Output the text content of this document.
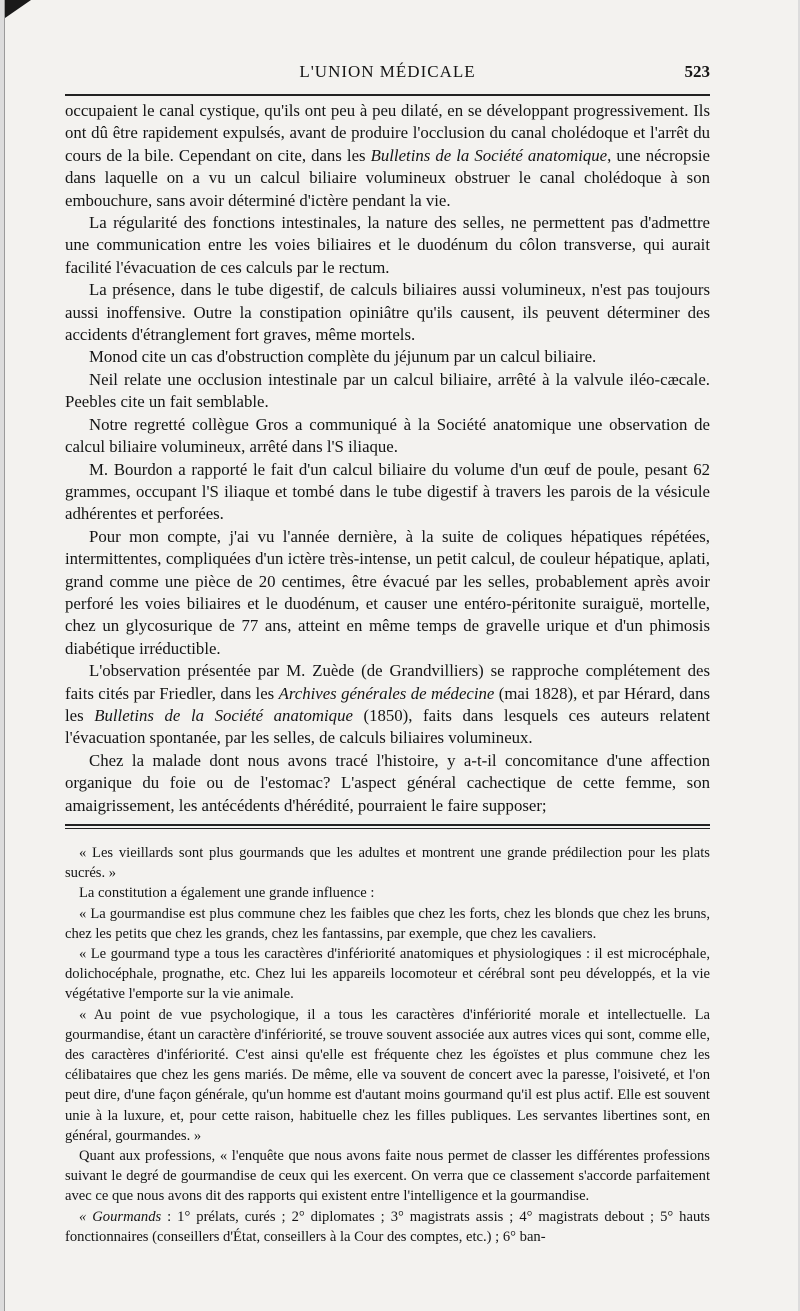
L'UNION MÉDICALE	523

occupaient le canal cystique, qu'ils ont peu à peu dilaté, en se développant progressivement. Ils ont dû être rapidement expulsés, avant de produire l'occlusion du canal cholédoque et l'arrêt du cours de la bile. Cependant on cite, dans les Bulletins de la Société anatomique, une nécropsie dans laquelle on a vu un calcul biliaire volumineux obstruer le canal cholédoque à son embouchure, sans avoir déterminé d'ictère pendant la vie.

La régularité des fonctions intestinales, la nature des selles, ne permettent pas d'admettre une communication entre les voies biliaires et le duodénum du côlon transverse, qui aurait facilité l'évacuation de ces calculs par le rectum.

La présence, dans le tube digestif, de calculs biliaires aussi volumineux, n'est pas toujours aussi inoffensive. Outre la constipation opiniâtre qu'ils causent, ils peuvent déterminer des accidents d'étranglement fort graves, même mortels.

Monod cite un cas d'obstruction complète du jéjunum par un calcul biliaire.

Neil relate une occlusion intestinale par un calcul biliaire, arrêté à la valvule iléo-cæcale. Peebles cite un fait semblable.

Notre regretté collègue Gros a communiqué à la Société anatomique une observation de calcul biliaire volumineux, arrêté dans l'S iliaque.

M. Bourdon a rapporté le fait d'un calcul biliaire du volume d'un œuf de poule, pesant 62 grammes, occupant l'S iliaque et tombé dans le tube digestif à travers les parois de la vésicule adhérentes et perforées.

Pour mon compte, j'ai vu l'année dernière, à la suite de coliques hépatiques répétées, intermittentes, compliquées d'un ictère très-intense, un petit calcul, de couleur hépatique, aplati, grand comme une pièce de 20 centimes, être évacué par les selles, probablement après avoir perforé les voies biliaires et le duodénum, et causer une entéro-péritonite suraiguë, mortelle, chez un glycosurique de 77 ans, atteint en même temps de gravelle urique et d'un phimosis diabétique irréductible.

L'observation présentée par M. Zuède (de Grandvilliers) se rapproche complétement des faits cités par Friedler, dans les Archives générales de médecine (mai 1828), et par Hérard, dans les Bulletins de la Société anatomique (1850), faits dans lesquels ces auteurs relatent l'évacuation spontanée, par les selles, de calculs biliaires volumineux.

Chez la malade dont nous avons tracé l'histoire, y a-t-il concomitance d'une affection organique du foie ou de l'estomac? L'aspect général cachectique de cette femme, son amaigrissement, les antécédents d'hérédité, pourraient le faire supposer;

« Les vieillards sont plus gourmands que les adultes et montrent une grande prédilection pour les plats sucrés. »

La constitution a également une grande influence :

« La gourmandise est plus commune chez les faibles que chez les forts, chez les blonds que chez les bruns, chez les petits que chez les grands, chez les fantassins, par exemple, que chez les cavaliers.

« Le gourmand type a tous les caractères d'infériorité anatomiques et physiologiques : il est microcéphale, dolichocéphale, prognathe, etc. Chez lui les appareils locomoteur et cérébral sont peu développés, et la vie végétative l'emporte sur la vie animale.

« Au point de vue psychologique, il a tous les caractères d'infériorité morale et intellectuelle. La gourmandise, étant un caractère d'infériorité, se trouve souvent associée aux autres vices qui sont, comme elle, des caractères d'infériorité. C'est ainsi qu'elle est fréquente chez les égoïstes et plus commune chez les célibataires que chez les gens mariés. De même, elle va souvent de concert avec la paresse, l'oisiveté, et l'on peut dire, d'une façon générale, qu'un homme est d'autant moins gourmand qu'il est plus actif. Elle est souvent unie à la luxure, et, pour cette raison, habituelle chez les filles publiques. Les servantes libertines sont, en général, gourmandes. »

Quant aux professions, « l'enquête que nous avons faite nous permet de classer les différentes professions suivant le degré de gourmandise de ceux qui les exercent. On verra que ce classement s'accorde parfaitement avec ce que nous avons dit des rapports qui existent entre l'intelligence et la gourmandise.

« Gourmands : 1° prélats, curés ; 2° diplomates ; 3° magistrats assis ; 4° magistrats debout ; 5° hauts fonctionnaires (conseillers d'État, conseillers à la Cour des comptes, etc.) ; 6° ban-
